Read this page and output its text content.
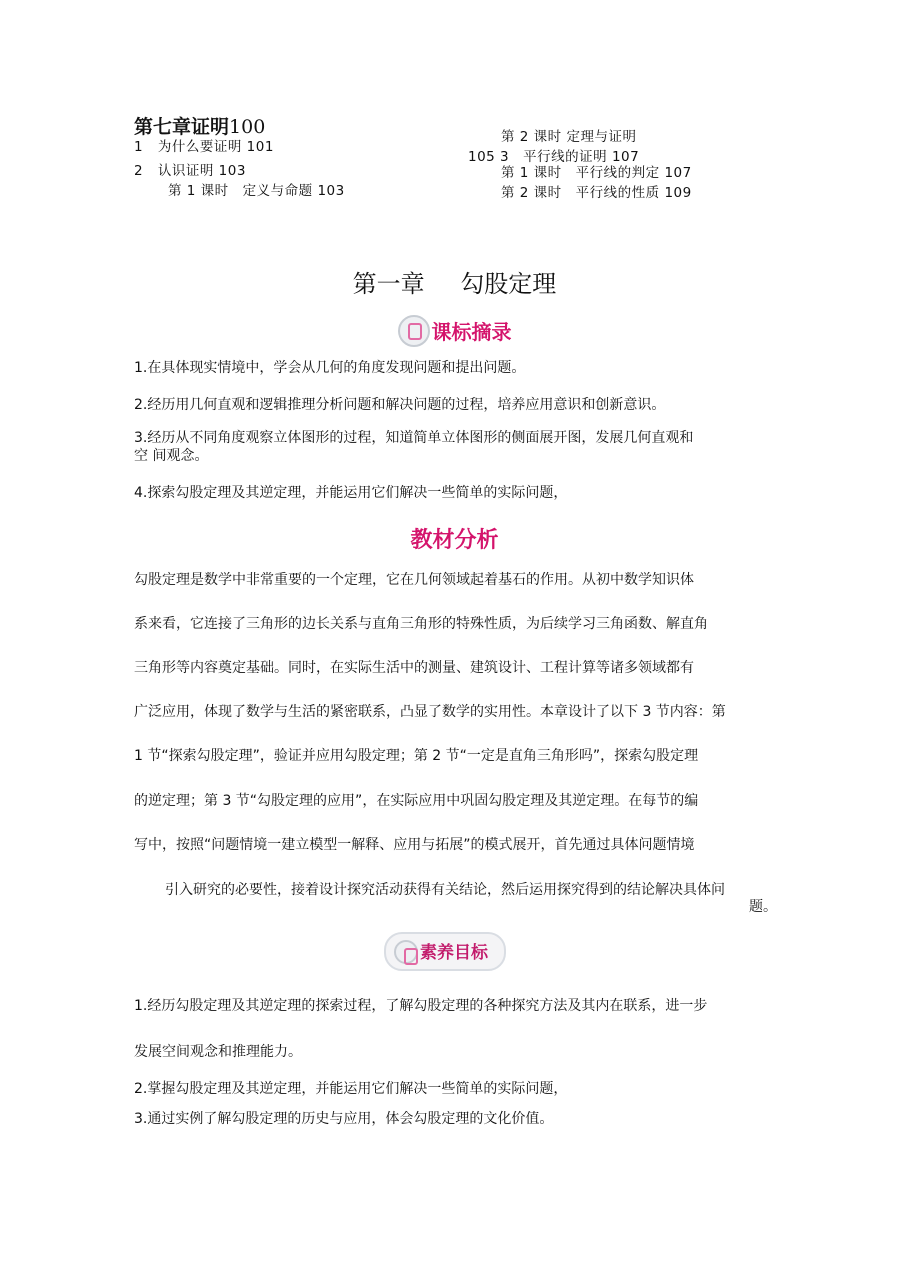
第七章证明100
1 为什么要证明 101
2 认识证明 103
第 1 课时　定义与命题 103
第 2 课时 定理与证明
105 3　平行线的证明 107
第 1 课时　平行线的判定 107
第 2 课时　平行线的性质 109
第一章 勾股定理
课标摘录
1.在具体现实情境中，学会从几何的角度发现问题和提出问题。
2.经历用几何直观和逻辑推理分析问题和解决问题的过程，培养应用意识和创新意识。
3.经历从不同角度观察立体图形的过程，知道简单立体图形的侧面展开图，发展几何直观和
空 间观念。
4.探索勾股定理及其逆定理，并能运用它们解决一些简单的实际问题，
教材分析
勾股定理是数学中非常重要的一个定理，它在几何领域起着基石的作用。从初中数学知识体
系来看，它连接了三角形的边长关系与直角三角形的特殊性质，为后续学习三角函数、解直角
三角形等内容奠定基础。同时，在实际生活中的测量、建筑设计、工程计算等诸多领域都有
广泛应用，体现了数学与生活的紧密联系，凸显了数学的实用性。本章设计了以下 3 节内容：第
1 节“探索勾股定理”，验证并应用勾股定理；第 2 节“一定是直角三角形吗”，探索勾股定理
的逆定理；第 3 节“勾股定理的应用”，在实际应用中巩固勾股定理及其逆定理。在每节的编
写中，按照“问题情境一建立模型一解释、应用与拓展”的模式展开，首先通过具体问题情境
引入研究的必要性，接着设计探究活动获得有关结论，然后运用探究得到的结论解决具体问
题。
素养目标
1.经历勾股定理及其逆定理的探索过程，了解勾股定理的各种探究方法及其内在联系，进一步
发展空间观念和推理能力。
2.掌握勾股定理及其逆定理，并能运用它们解决一些简单的实际问题，
3.通过实例了解勾股定理的历史与应用，体会勾股定理的文化价值。
